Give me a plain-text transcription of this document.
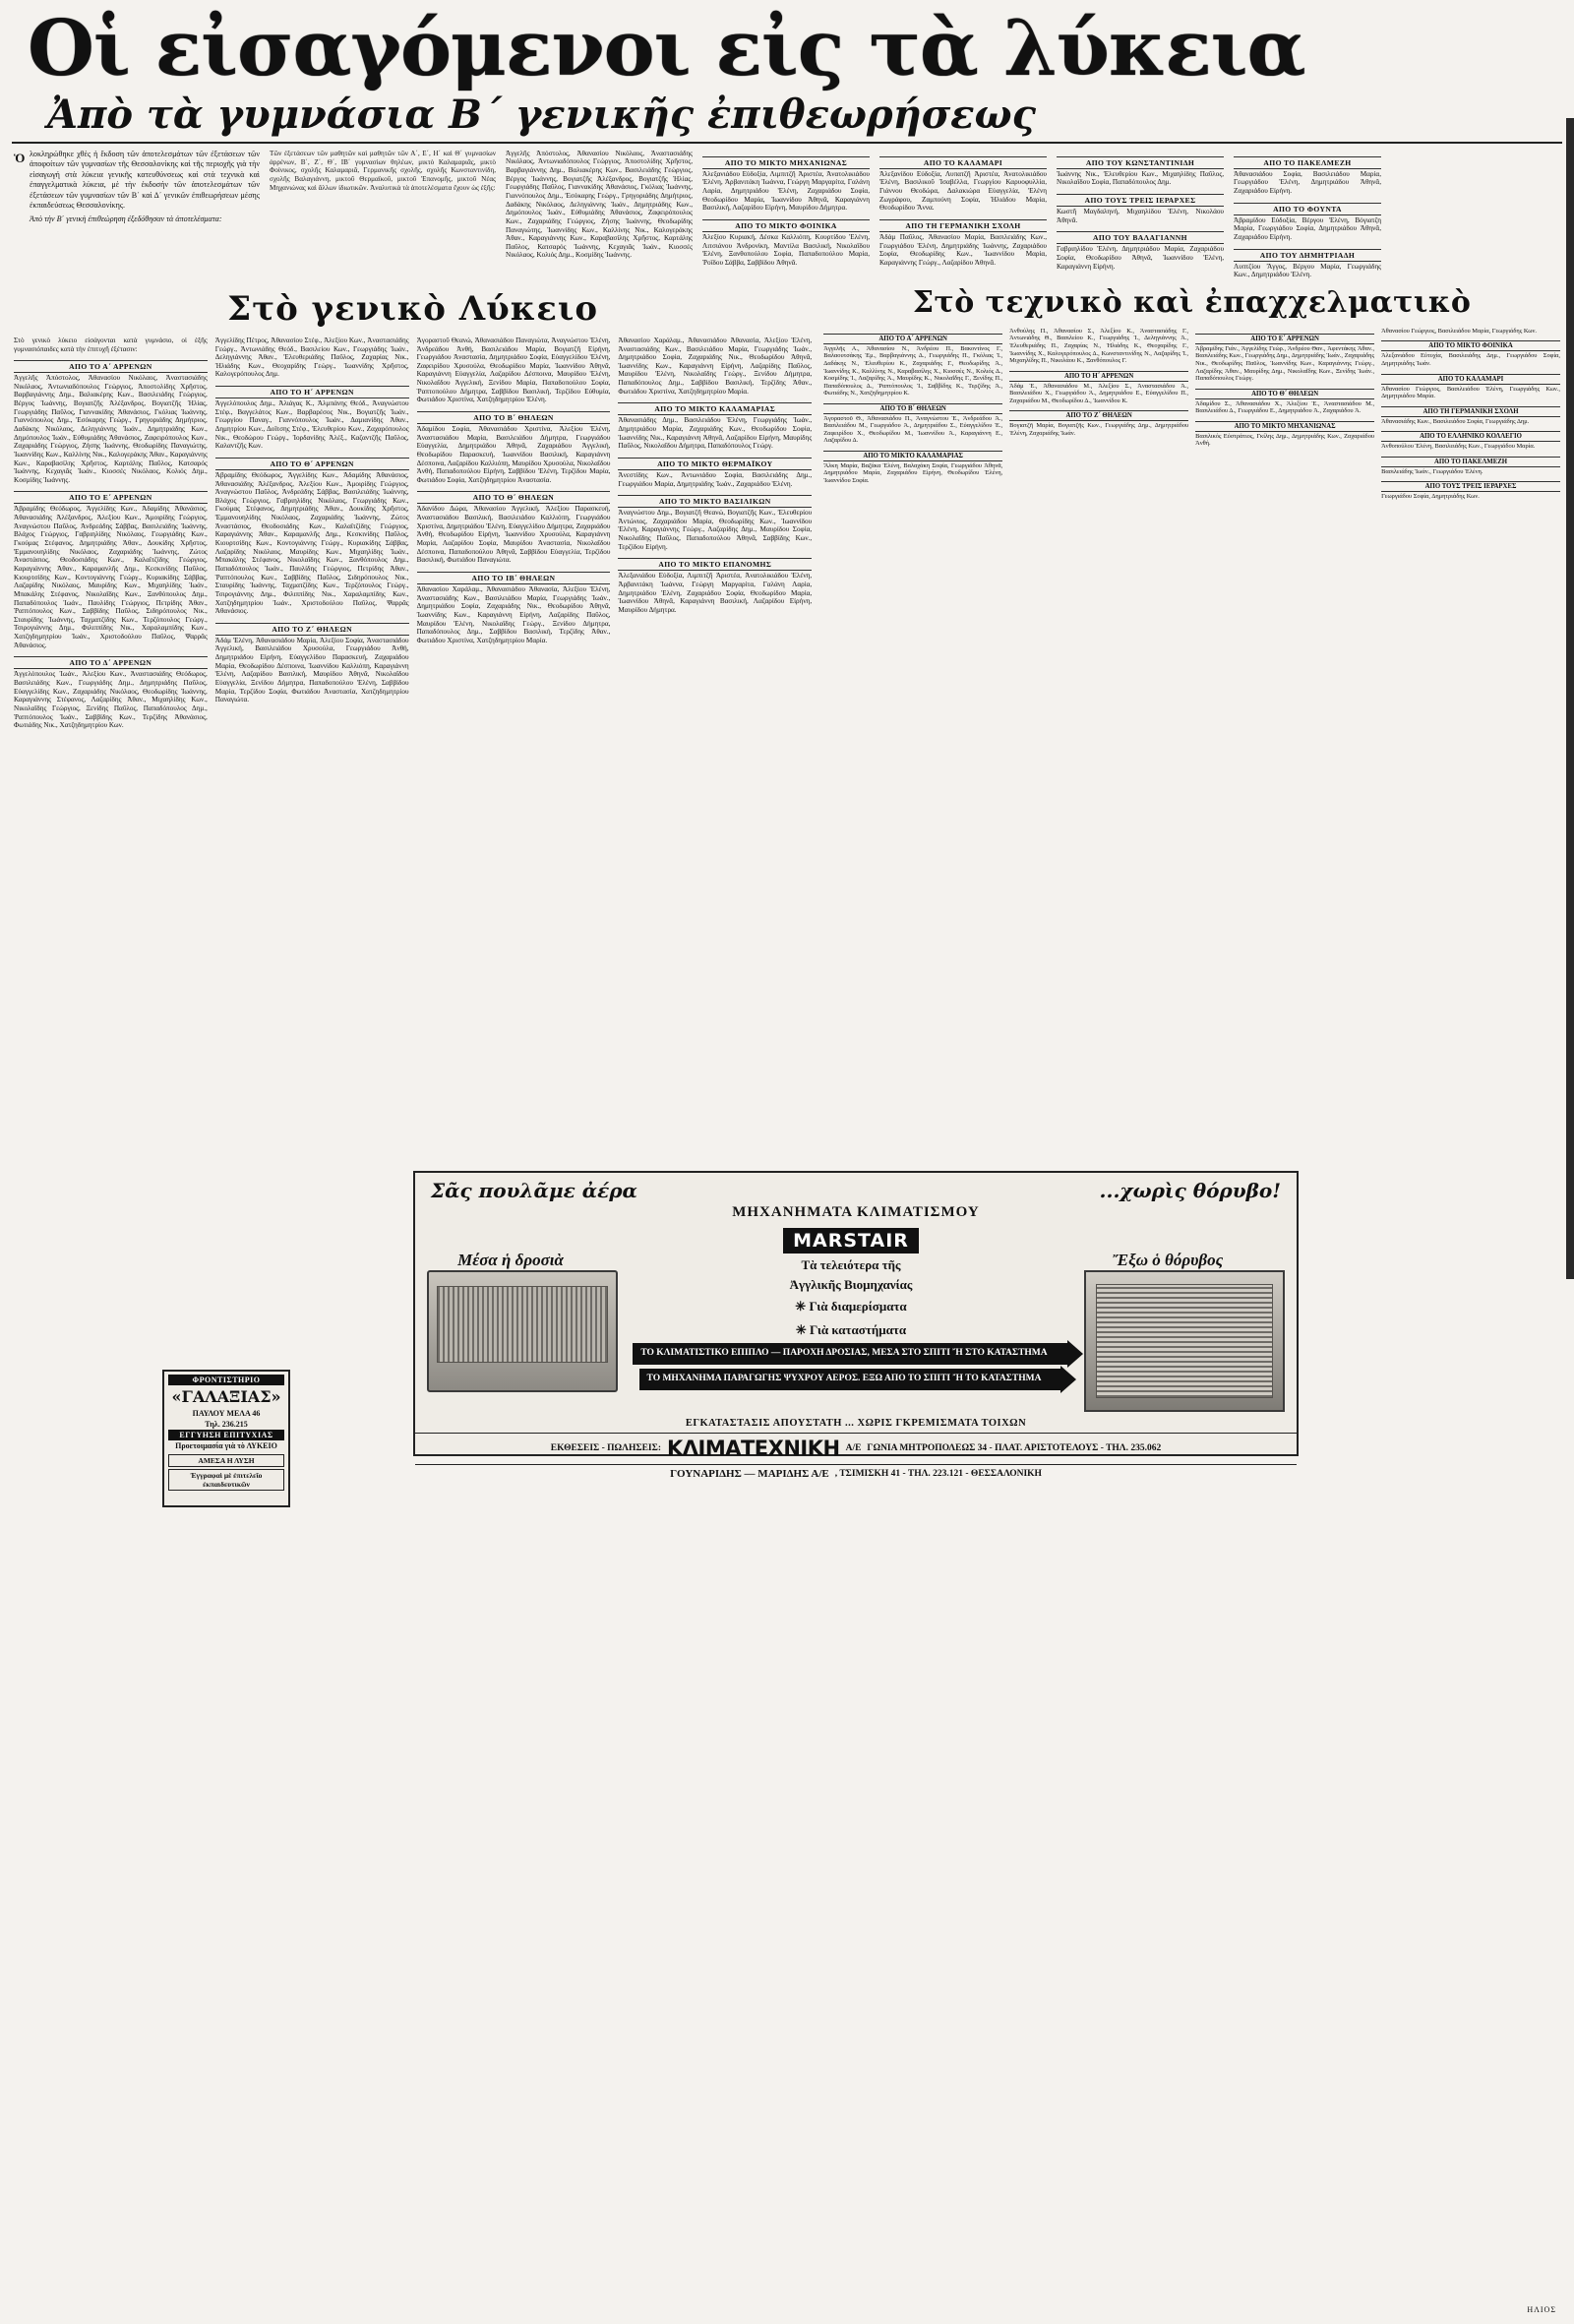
Οἱ εἰσαγόμενοι εἰς τὰ λύκεια
Ἀπὸ τὰ γυμνάσια Β΄ γενικῆς ἐπιθεωρήσεως
Ὁ λοκληρώθηκε χθὲς ἡ ἔκδοση τῶν ἀποτελεσμάτων τῶν ἐξετάσεων τῶν ἀποφοίτων τῶν γυμνασίων τῆς Θεσσαλονίκης καὶ τῆς περιοχῆς γιὰ τὴν εἰσαγωγή στὰ λύκεια γενικῆς κατευθύνσεως καὶ στὰ τεχνικὰ καὶ ἐπαγγελματικὰ λύκεια, μὲ τὴν ἐκδοσήν τῶν ἀποτελεσμάτων τῶν ἐξετάσεων τῶν γυμνασίων τῶν Β΄ καὶ Δ΄ γενικῶν ἐπιθεωρήσεων μέσης ἐκπαιδεύσεως Θεσσαλονίκης.
Ἀπὸ τὴν Β΄ γενικὴ ἐπιθεώρηση ἐξεδόθησαν τὰ ἀποτελέσματα:
Τῶν ἐξετάσεων τῶν μαθητῶν καὶ μαθητῶν τῶν Α΄, Ε΄, Η΄ καὶ Θ΄ γυμνασίων ἀρρένων, Β΄, Ζ΄, Θ΄, ΙΒ΄ γυμνασίων θηλέων, μικτὸ Καλαμαριᾶς, μικτὸ Φοίνικος, σχολῆς Καλαμαριᾶ, Γερμανικῆς σχολῆς, σχολῆς Κωνσταντινίδη, σχολῆς Βαλαγιάννη, μικτοῦ Θερμαϊκοῦ, μικτοῦ Ἐπανομῆς, μικτοῦ Νέας Μηχανιώνας καὶ ἄλλων ἰδιωτικῶν. Ἀναλυτικὰ τὰ ἀποτελέσματα ἔχουν ὡς ἑξῆς:
Ἀγγελῆς Ἀπόστολος, Ἀθανασίου Νικόλαος, Ἀναστασιάδης Νικόλαος, Ἀντωνιαδόπουλος Γεώργιος, Ἀποστολίδης Χρῆστος, Βαρβαγιάννης Δημ., Βαλιακέρης Κων., Βασιλειάδης Γεώργιος, Βέργος Ἰωάννης, Βογιατζῆς Ἀλέξανδρος, Βογιατζῆς Ἠλίας, Γεωργιάδης Παῦλος, Γιαννακίδης Ἀθανάσιος, Γκόλιας Ἰωάννης, Γιαννόπουλος Δημ., Ἐσόκαρης Γεώργ., Γρηγοριάδης Δημήτριος, Δαδάκης Νικόλαος, Δεληγιάννης Ἰωάν., Δημητριάδης Κων., Δημόπουλος Ἰωάν., Εὐθυμιάδης Ἀθανάσιος, Ζαφειρόπουλος Κων., Ζαχαριάδης Γεώργιος, Ζήσης Ἰωάννης, Θεοδωρίδης Παναγιώτης, Ἰωαννίδης Κων., Καλλίνης Νικ., Καλογεράκης Ἀθαν., Καραγιάννης Κων., Καραβασίλης Χρῆστος, Καρτάλης Παῦλος, Κατσαρός Ἰωάννης, Κεχαγιᾶς Ἰωάν., Κιοσσές Νικόλαος, Κολιός Δημ., Κοσμίδης Ἰωάννης.
ΑΠΟ ΤΟ ΜΙΚΤΟ ΜΗΧΑΝΙΩΝΑΣ
Ἀλεξανιάδου Εὐδοξία, Λιμπιτζῆ Ἀριστέα, Ἀνατολικιάδου Ἑλένη, Ἀρβανιτάκη Ἰωάννα, Γεώργη Μαργαρίτα, Γαλάνη Λαρία, Δημητριάδου Ἑλένη, Ζαχαριάδου Σοφία, Θεοδωρίδου Μαρία, Ἰωαννίδου Ἀθηνᾶ, Καραγιάννη Βασιλική, Λαζαρίδου Εἰρήνη, Μαυρίδου Δήμητρα.
ΑΠΟ ΤΟ ΜΙΚΤΟ ΦΟΙΝΙΚΑ
Ἀλεξίου Κυριακή, Δέσκα Καλλιόπη, Κουρτίδου Ἑλένη, Λιτσιάνου Ἀνδρονίκη, Μαντίλα Βασιλική, Νικολαΐδου Ἑλένη, Ξανθοπούλου Σοφία, Παπαδοπούλου Μαρία, Ῥοΐδου Σάββα, Σαββίδου Ἀθηνᾶ.
ΑΠΟ ΤΟ ΚΑΛΑΜΑΡΙ
Ἀλεξανίδου Εὐδοξία, Λυπατζῆ Ἀριστέα, Ἀνατολικιάδου Ἑλένη, Βασιλικοῦ Ἰσαβέλλα, Γεωργίου Καρυοφυλλία, Γιάννου Θεοδώρα, Δαλακιώρα Εὐαγγελία, Ἑλένη Ζωγράφου, Ζαμπούνη Σοφία, Ἠλιάδου Μαρία, Θεοδωρίδου Ἄννα.
ΑΠΟ ΤΗ ΓΕΡΜΑΝΙΚΗ ΣΧΟΛΗ
Ἀδάμ Παῦλος, Ἀθανασίου Μαρία, Βασιλειάδης Κων., Γεωργιάδου Ἑλένη, Δημητριάδης Ἰωάννης, Ζαχαριάδου Σοφία, Θεοδωρίδης Κων., Ἰωαννίδου Μαρία, Καραγιάννης Γεώργ., Λαζαρίδου Ἀθηνᾶ.
ΑΠΟ ΤΟΥ ΚΩΝΣΤΑΝΤΙΝΙΔΗ
Ἰωάννης Νικ., Ἐλευθερίου Κων., Μιχαηλίδης Παῦλος, Νικολαΐδου Σοφία, Παπαδόπουλος Δημ.
ΑΠΟ ΤΟΥΣ ΤΡΕΙΣ ΙΕΡΑΡΧΕΣ
Κωστῆ Μαγδαληνή, Μιχαηλίδου Ἑλένη, Νικολάου Ἀθηνᾶ.
ΑΠΟ ΤΟΥ ΒΑΛΑΓΙΑΝΝΗ
Γαβριηλίδου Ἑλένη, Δημητριάδου Μαρία, Ζαχαριάδου Σοφία, Θεοδωρίδου Ἀθηνᾶ, Ἰωαννίδου Ἑλένη, Καραγιάννη Εἰρήνη.
ΑΠΟ ΤΟ ΠΑΚΕΛΜΕΖΗ
Ἀθανασιάδου Σοφία, Βασιλειάδου Μαρία, Γεωργιάδου Ἑλένη, Δημητριάδου Ἀθηνᾶ, Ζαχαριάδου Εἰρήνη.
ΑΠΟ ΤΟ ΦΟΥΝΤΑ
Ἀβραμίδου Εὐδοξία, Βέργου Ἑλένη, Βόγιατζη Μαρία, Γεωργιάδου Σοφία, Δημητριάδου Ἀθηνᾶ, Ζαχαριάδου Εἰρήνη.
ΑΠΟ ΤΟΥ ΔΗΜΗΤΡΙΑΔΗ
Λυπτζίου Ἄγγος, Βέργου Μαρία, Γεωργιάδης Κων., Δημητριάδου Ἑλένη.
Στὸ γενικὸ Λύκειο
Στὸ γενικὸ λύκειο εἰσάγονται κατὰ γυμνάσιο, οἱ ἑξῆς γυμνασιόπαιδες κατὰ τὴν ἐπιτυχῆ ἐξέτασιν:
ΑΠΟ ΤΟ Α΄ ΑΡΡΕΝΩΝ
Ἀγγελῆς Ἀπόστολος, Ἀθανασίου Νικόλαος, Ἀναστασιάδης Νικόλαος, Ἀντωνιαδόπουλος Γεώργιος, Ἀποστολίδης Χρῆστος, Βαρβαγιάννης Δημ., Βαλιακέρης Κων., Βασιλειάδης Γεώργιος, Βέργος Ἰωάννης, Βογιατζῆς Ἀλέξανδρος, Βογιατζῆς Ἠλίας, Γεωργιάδης Παῦλος, Γιαννακίδης Ἀθανάσιος, Γκόλιας Ἰωάννης, Γιαννόπουλος Δημ., Ἐσόκαρης Γεώργ., Γρηγοριάδης Δημήτριος, Δαδάκης Νικόλαος, Δεληγιάννης Ἰωάν., Δημητριάδης Κων., Δημόπουλος Ἰωάν., Εὐθυμιάδης Ἀθανάσιος, Ζαφειρόπουλος Κων., Ζαχαριάδης Γεώργιος, Ζήσης Ἰωάννης, Θεοδωρίδης Παναγιώτης, Ἰωαννίδης Κων., Καλλίνης Νικ., Καλογεράκης Ἀθαν., Καραγιάννης Κων., Καραβασίλης Χρῆστος, Καρτάλης Παῦλος, Κατσαρός Ἰωάννης, Κεχαγιᾶς Ἰωάν., Κιοσσές Νικόλαος, Κολιός Δημ., Κοσμίδης Ἰωάννης.
ΑΠΟ ΤΟ Ε΄ ΑΡΡΕΝΩΝ
Ἀβραμίδης Θεόδωρος, Ἀγγελίδης Κων., Ἀδαμίδης Ἀθανάσιος, Ἀθανασιάδης Ἀλέξανδρος, Ἀλεξίου Κων., Ἀμοιρίδης Γεώργιος, Ἀναγνώστου Παῦλος, Ἀνδρεάδης Σάββας, Βασιλειάδης Ἰωάννης, Βλάχος Γεώργιος, Γαβριηλίδης Νικόλαος, Γεωργιάδης Κων., Γκούμας Στέφανος, Δημητριάδης Ἀθαν., Δουκίδης Χρῆστος, Ἐμμανουηλίδης Νικόλαος, Ζαχαριάδης Ἰωάννης, Ζώτος Ἀναστάσιος, Θεοδοσιάδης Κων., Καλαϊτζίδης Γεώργιος, Καραγιάννης Ἀθαν., Καραμανλῆς Δημ., Κεσκινίδης Παῦλος, Κιουρτσίδης Κων., Κοντογιάννης Γεώργ., Κυριακίδης Σάββας, Λαζαρίδης Νικόλαος, Μαυρίδης Κων., Μιχαηλίδης Ἰωάν., Μπακάλης Στέφανος, Νικολαΐδης Κων., Ξανθόπουλος Δημ., Παπαδόπουλος Ἰωάν., Παυλίδης Γεώργιος, Πετρίδης Ἀθαν., Ῥαπτόπουλος Κων., Σαββίδης Παῦλος, Σιδηρόπουλος Νικ., Σταυρίδης Ἰωάννης, Ταχματζίδης Κων., Τερζόπουλος Γεώργ., Τσιρογιάννης Δημ., Φιλιππίδης Νικ., Χαραλαμπίδης Κων., Χατζηδημητρίου Ἰωάν., Χριστοδούλου Παῦλος, Ψαρρᾶς Ἀθανάσιος.
ΑΠΟ ΤΟ Δ΄ ΑΡΡΕΝΩΝ
Ἀγγελόπουλος Ἰωάν., Ἀλεξίου Κων., Ἀναστασιάδης Θεόδωρος, Βασιλειάδης Κων., Γεωργιάδης Δημ., Δημητριάδης Παῦλος, Εὐαγγελίδης Κων., Ζαχαριάδης Νικόλαος, Θεοδωρίδης Ἰωάννης, Καραγιάννης Στέφανος, Λαζαρίδης Ἀθαν., Μιχαηλίδης Κων., Νικολαΐδης Γεώργιος, Ξενίδης Παῦλος, Παπαδόπουλος Δημ., Ῥαπτόπουλος Ἰωάν., Σαββίδης Κων., Τερζίδης Ἀθανάσιος, Φωτιάδης Νικ., Χατζηδημητρίου Κων.
Ἀγγελίδης Πέτρος, Ἀθανασίου Στέφ., Ἀλεξίου Κων., Ἀναστασιάδης Γεώργ., Ἀντωνιάδης Θεόδ., Βασιλείου Κων., Γεωργιάδης Ἰωάν., Δεληγιάννης Ἀθαν., Ἐλευθεριάδης Παῦλος, Ζαχαρίας Νικ., Ἠλιάδης Κων., Θεοχαρίδης Γεώργ., Ἰωαννίδης Χρῆστος, Καλογερόπουλος Δημ.
ΑΠΟ ΤΟ Η΄ ΑΡΡΕΝΩΝ
Ἀγγελόπουλος Δημ., Ἀλιάγας Κ., Ἀλμπάνης Θεόδ., Ἀναγνώστου Στέφ., Βαγγελάτος Κων., Βαρβαρέσος Νικ., Βογιατζῆς Ἰωάν., Γεωργίου Παναγ., Γιαννόπουλος Ἰωάν., Δαμιανίδης Ἀθαν., Δημητρίου Κων., Δοΐτσης Στέφ., Ἐλευθερίου Κων., Ζαχαρόπουλος Νικ., Θεοδώρου Γεώργ., Ἰορδανίδης Ἀλέξ., Καζαντζῆς Παῦλος, Καλαντζῆς Κων.
ΑΠΟ ΤΟ Θ΄ ΑΡΡΕΝΩΝ
Ἀβραμίδης Θεόδωρος, Ἀγγελίδης Κων., Ἀδαμίδης Ἀθανάσιος, Ἀθανασιάδης Ἀλέξανδρος, Ἀλεξίου Κων., Ἀμοιρίδης Γεώργιος, Ἀναγνώστου Παῦλος, Ἀνδρεάδης Σάββας, Βασιλειάδης Ἰωάννης, Βλάχος Γεώργιος, Γαβριηλίδης Νικόλαος, Γεωργιάδης Κων., Γκούμας Στέφανος, Δημητριάδης Ἀθαν., Δουκίδης Χρῆστος, Ἐμμανουηλίδης Νικόλαος, Ζαχαριάδης Ἰωάννης, Ζώτος Ἀναστάσιος, Θεοδοσιάδης Κων., Καλαϊτζίδης Γεώργιος, Καραγιάννης Ἀθαν., Καραμανλῆς Δημ., Κεσκινίδης Παῦλος, Κιουρτσίδης Κων., Κοντογιάννης Γεώργ., Κυριακίδης Σάββας, Λαζαρίδης Νικόλαος, Μαυρίδης Κων., Μιχαηλίδης Ἰωάν., Μπακάλης Στέφανος, Νικολαΐδης Κων., Ξανθόπουλος Δημ., Παπαδόπουλος Ἰωάν., Παυλίδης Γεώργιος, Πετρίδης Ἀθαν., Ῥαπτόπουλος Κων., Σαββίδης Παῦλος, Σιδηρόπουλος Νικ., Σταυρίδης Ἰωάννης, Ταχματζίδης Κων., Τερζόπουλος Γεώργ., Τσιρογιάννης Δημ., Φιλιππίδης Νικ., Χαραλαμπίδης Κων., Χατζηδημητρίου Ἰωάν., Χριστοδούλου Παῦλος, Ψαρρᾶς Ἀθανάσιος.
ΑΠΟ ΤΟ Ζ΄ ΘΗΛΕΩΝ
Ἀδάμ Ἑλένη, Ἀθανασιάδου Μαρία, Ἀλεξίου Σοφία, Ἀναστασιάδου Ἀγγελική, Βασιλειάδου Χρυσούλα, Γεωργιάδου Ἀνθή, Δημητριάδου Εἰρήνη, Εὐαγγελίδου Παρασκευή, Ζαχαριάδου Μαρία, Θεοδωρίδου Δέσποινα, Ἰωαννίδου Καλλιόπη, Καραγιάννη Ἑλένη, Λαζαρίδου Βασιλική, Μαυρίδου Ἀθηνᾶ, Νικολαΐδου Εὐαγγελία, Ξενίδου Δήμητρα, Παπαδοπούλου Ἑλένη, Σαββίδου Μαρία, Τερζίδου Σοφία, Φωτιάδου Ἀναστασία, Χατζηδημητρίου Παναγιώτα.
Ἀγοραστοῦ Θεανώ, Ἀθανασιάδου Παναγιώτα, Ἀναγνώστου Ἑλένη, Ἀνδρεάδου Ἀνθή, Βασιλειάδου Μαρία, Βογιατζῆ Εἰρήνη, Γεωργιάδου Ἀναστασία, Δημητριάδου Σοφία, Εὐαγγελίδου Ἑλένη, Ζαφειρίδου Χρυσούλα, Θεοδωρίδου Μαρία, Ἰωαννίδου Ἀθηνᾶ, Καραγιάννη Εὐαγγελία, Λαζαρίδου Δέσποινα, Μαυρίδου Ἑλένη, Νικολαΐδου Ἀγγελική, Ξενίδου Μαρία, Παπαδοπούλου Σοφία, Ῥαπτοπούλου Δήμητρα, Σαββίδου Βασιλική, Τερζίδου Εὐθυμία, Φωτιάδου Χριστίνα, Χατζηδημητρίου Ἑλένη.
ΑΠΟ ΤΟ Β΄ ΘΗΛΕΩΝ
Ἀδαμίδου Σοφία, Ἀθανασιάδου Χριστίνα, Ἀλεξίου Ἑλένη, Ἀναστασιάδου Μαρία, Βασιλειάδου Δήμητρα, Γεωργιάδου Εὐαγγελία, Δημητριάδου Ἀθηνᾶ, Ζαχαριάδου Ἀγγελική, Θεοδωρίδου Παρασκευή, Ἰωαννίδου Βασιλική, Καραγιάννη Δέσποινα, Λαζαρίδου Καλλιόπη, Μαυρίδου Χρυσούλα, Νικολαΐδου Ἀνθή, Παπαδοπούλου Εἰρήνη, Σαββίδου Ἑλένη, Τερζίδου Μαρία, Φωτιάδου Σοφία, Χατζηδημητρίου Ἀναστασία.
ΑΠΟ ΤΟ Θ΄ ΘΗΛΕΩΝ
Ἀδανίδου Δώρα, Ἀθανασίου Ἀγγελική, Ἀλεξίου Παρασκευή, Ἀναστασιάδου Βασιλική, Βασιλειάδου Καλλιόπη, Γεωργιάδου Χριστίνα, Δημητριάδου Ἑλένη, Εὐαγγελίδου Δήμητρα, Ζαχαριάδου Ἀνθή, Θεοδωρίδου Εἰρήνη, Ἰωαννίδου Χρυσούλα, Καραγιάννη Μαρία, Λαζαρίδου Σοφία, Μαυρίδου Ἀναστασία, Νικολαΐδου Δέσποινα, Παπαδοπούλου Ἀθηνᾶ, Σαββίδου Εὐαγγελία, Τερζίδου Βασιλική, Φωτιάδου Παναγιώτα.
ΑΠΟ ΤΟ ΙΒ΄ ΘΗΛΕΩΝ
Ἀθανασίου Χαράλαμ., Ἀθανασιάδου Ἀθανασία, Ἀλεξίου Ἑλένη, Ἀναστασιάδης Κων., Βασιλειάδου Μαρία, Γεωργιάδης Ἰωάν., Δημητριάδου Σοφία, Ζαχαριάδης Νικ., Θεοδωρίδου Ἀθηνᾶ, Ἰωαννίδης Κων., Καραγιάννη Εἰρήνη, Λαζαρίδης Παῦλος, Μαυρίδου Ἑλένη, Νικολαΐδης Γεώργ., Ξενίδου Δήμητρα, Παπαδόπουλος Δημ., Σαββίδου Βασιλική, Τερζίδης Ἀθαν., Φωτιάδου Χριστίνα, Χατζηδημητρίου Μαρία.
Ἀθανασίου Χαράλαμ., Ἀθανασιάδου Ἀθανασία, Ἀλεξίου Ἑλένη, Ἀναστασιάδης Κων., Βασιλειάδου Μαρία, Γεωργιάδης Ἰωάν., Δημητριάδου Σοφία, Ζαχαριάδης Νικ., Θεοδωρίδου Ἀθηνᾶ, Ἰωαννίδης Κων., Καραγιάννη Εἰρήνη, Λαζαρίδης Παῦλος, Μαυρίδου Ἑλένη, Νικολαΐδης Γεώργ., Ξενίδου Δήμητρα, Παπαδόπουλος Δημ., Σαββίδου Βασιλική, Τερζίδης Ἀθαν., Φωτιάδου Χριστίνα, Χατζηδημητρίου Μαρία.
ΑΠΟ ΤΟ ΜΙΚΤΟ ΚΑΛΑΜΑΡΙΑΣ
Ἀθανασιάδης Δημ., Βασιλειάδου Ἑλένη, Γεωργιάδης Ἰωάν., Δημητριάδου Μαρία, Ζαχαριάδης Κων., Θεοδωρίδου Σοφία, Ἰωαννίδης Νικ., Καραγιάννη Ἀθηνᾶ, Λαζαρίδου Εἰρήνη, Μαυρίδης Παῦλος, Νικολαΐδου Δήμητρα, Παπαδόπουλος Γεώργ.
ΑΠΟ ΤΟ ΜΙΚΤΟ ΘΕΡΜΑΪΚΟΥ
Ἀνεστίδης Κων., Ἀντωνιάδου Σοφία, Βασιλειάδης Δημ., Γεωργιάδου Μαρία, Δημητριάδης Ἰωάν., Ζαχαριάδου Ἑλένη.
ΑΠΟ ΤΟ ΜΙΚΤΟ ΒΑΣΙΛΙΚΩΝ
Ἀναγνώστου Δημ., Βογιατζῆ Θεανώ, Βογιατζῆς Κων., Ἐλευθερίου Ἀντώνιος, Ζαχαριάδου Μαρία, Θεοδωρίδης Κων., Ἰωαννίδου Ἑλένη, Καραγιάννης Γεώργ., Λαζαρίδης Δημ., Μαυρίδου Σοφία, Νικολαΐδης Παῦλος, Παπαδοπούλου Ἀθηνᾶ, Σαββίδης Κων., Τερζίδου Εἰρήνη.
ΑΠΟ ΤΟ ΜΙΚΤΟ ΕΠΑΝΟΜΗΣ
Ἀλεξανιάδου Εὐδοξία, Λιμπιτζῆ Ἀριστέα, Ἀνατολικιάδου Ἑλένη, Ἀρβανιτάκη Ἰωάννα, Γεώργη Μαργαρίτα, Γαλάνη Λαρία, Δημητριάδου Ἑλένη, Ζαχαριάδου Σοφία, Θεοδωρίδου Μαρία, Ἰωαννίδου Ἀθηνᾶ, Καραγιάννη Βασιλική, Λαζαρίδου Εἰρήνη, Μαυρίδου Δήμητρα.
Στὸ τεχνικὸ καὶ ἐπαχχελματικὸ
ΑΠΟ ΤΟ Α΄ ΑΡΡΕΝΩΝ
Ἀγγελῆς Α., Ἀθανασίου Ν., Ἀνδρέου Π., Βακοντίνος Γ., Βαλαουτσάκης Ἐμ., Βαρβαγιάννης Δ., Γεωργιάδης Π., Γκόλιας Ἰ., Δαδάκης Ν., Ἐλευθερίου Κ., Ζαχαριάδης Γ., Θεοδωρίδης Ἀ., Ἰωαννίδης Κ., Καλλίνης Ν., Καραβασίλης Χ., Κιοσσές Ν., Κολιός Δ., Κοσμίδης Ἰ., Λαζαρίδης Ἀ., Μαυρίδης Κ., Νικολαΐδης Γ., Ξενίδης Π., Παπαδόπουλος Δ., Ῥαπτόπουλος Ἰ., Σαββίδης Κ., Τερζίδης Ἀ., Φωτιάδης Ν., Χατζηδημητρίου Κ.
ΑΠΟ ΤΟ Β΄ ΘΗΛΕΩΝ
Ἀγοραστοῦ Θ., Ἀθανασιάδου Π., Ἀναγνώστου Ἑ., Ἀνδρεάδου Ἀ., Βασιλειάδου Μ., Γεωργιάδου Ἀ., Δημητριάδου Σ., Εὐαγγελίδου Ἑ., Ζαφειρίδου Χ., Θεοδωρίδου Μ., Ἰωαννίδου Ἀ., Καραγιάννη Ε., Λαζαρίδου Δ.
ΑΠΟ ΤΟ ΜΙΚΤΟ ΚΑΛΑΜΑΡΙΑΣ
Ἄλκη Μαρία, Βαζάκα Ἑλένη, Βαλαχάκη Σοφία, Γεωργιάδου Ἀθηνᾶ, Δημητριάδου Μαρία, Ζαχαριάδου Εἰρήνη, Θεοδωρίδου Ἑλένη, Ἰωαννίδου Σοφία.
Ἀνθούλης Π., Ἀθανασίου Σ., Ἀλεξίου Κ., Ἀναστασιάδης Γ., Ἀντωνιάδης Θ., Βασιλείου Κ., Γεωργιάδης Ἰ., Δεληγιάννης Ἀ., Ἐλευθεριάδης Π., Ζαχαρίας Ν., Ἠλιάδης Κ., Θεοχαρίδης Γ., Ἰωαννίδης Χ., Καλογερόπουλος Δ., Κωνσταντινίδης Ν., Λαζαρίδης Ἰ., Μιχαηλίδης Π., Νικολάου Κ., Ξανθόπουλος Γ.
ΑΠΟ ΤΟ Η΄ ΑΡΡΕΝΩΝ
Ἀδάμ Ἑ., Ἀθανασιάδου Μ., Ἀλεξίου Σ., Ἀναστασιάδου Ἀ., Βασιλειάδου Χ., Γεωργιάδου Ἀ., Δημητριάδου Ε., Εὐαγγελίδου Π., Ζαχαριάδου Μ., Θεοδωρίδου Δ., Ἰωαννίδου Κ.
ΑΠΟ ΤΟ Ζ΄ ΘΗΛΕΩΝ
Βογιατζῆ Μαρία, Βογιατζῆς Κων., Γεωργιάδης Δημ., Δημητριάδου Ἑλένη, Ζαχαριάδης Ἰωάν.
ΑΠΟ ΤΟ Ε΄ ΑΡΡΕΝΩΝ
Ἀβραμίδης Γιάν., Ἀγγελίδης Γεώρ., Ἀνδρέου Θαν., Ἀφεντάκης Ἀθαν., Βασιλειάδης Κων., Γεωργιάδης Δημ., Δημητριάδης Ἰωάν., Ζαχαριάδης Νικ., Θεοδωρίδης Παῦλος, Ἰωαννίδης Κων., Καραγιάννης Γεώργ., Λαζαρίδης Ἀθαν., Μαυρίδης Δημ., Νικολαΐδης Κων., Ξενίδης Ἰωάν., Παπαδόπουλος Γεώργ.
ΑΠΟ ΤΟ Θ΄ ΘΗΛΕΩΝ
Ἀδαμίδου Σ., Ἀθανασιάδου Χ., Ἀλεξίου Ἑ., Ἀναστασιάδου Μ., Βασιλειάδου Δ., Γεωργιάδου Ε., Δημητριάδου Ἀ., Ζαχαριάδου Ἀ.
ΑΠΟ ΤΟ ΜΙΚΤΟ ΜΗΧΑΝΙΩΝΑΣ
Βασιλικός Εὐστράτιος, Γκίλης Δημ., Δημητριάδης Κων., Ζαχαριάδου Ἀνθή.
Ἀθανασίου Γεώργιος, Βασιλειάδου Μαρία, Γεωργιάδης Κων.
ΑΠΟ ΤΟ ΜΙΚΤΟ ΦΟΙΝΙΚΑ
Ἀλεξανιάδου Εὐτυχία, Βασιλειάδης Δημ., Γεωργιάδου Σοφία, Δημητριάδης Ἰωάν.
ΑΠΟ ΤΟ ΚΑΛΑΜΑΡΙ
Ἀθανασίου Γεώργιος, Βασιλειάδου Ἑλένη, Γεωργιάδης Κων., Δημητριάδου Μαρία.
ΑΠΟ ΤΗ ΓΕΡΜΑΝΙΚΗ ΣΧΟΛΗ
Ἀθανασιάδης Κων., Βασιλειάδου Σοφία, Γεωργιάδης Δημ.
ΑΠΟ ΤΟ ΕΛΛΗΝΙΚΟ ΚΟΛΛΕΓΙΟ
Ἀνθοπούλου Ἑλένη, Βασιλειάδης Κων., Γεωργιάδου Μαρία.
ΑΠΟ ΤΟ ΠΑΚΕΛΜΕΖΗ
Βασιλειάδης Ἰωάν., Γεωργιάδου Ἑλένη.
ΑΠΟ ΤΟΥΣ ΤΡΕΙΣ ΙΕΡΑΡΧΕΣ
Γεωργιάδου Σοφία, Δημητριάδης Κων.
ΦΡΟΝΤΙΣΤΗΡΙΟ
«ΓΑΛΑΞΙΑΣ»
ΠΑΥΛΟΥ ΜΕΛΑ 46
Τηλ. 236.215
ΕΓΓΥΗΣΗ ΕΠΙΤΥΧΙΑΣ
Προετοιμασία γιὰ τὸ ΛΥΚΕΙΟ
ΑΜΕΣΑ Η ΛΥΣΗ
Ἐγγραφαὶ μὲ ἐπιτελεῖο ἐκπαιδευτικῶν
Σᾶς πουλᾶμε ἀέρα	...χωρὶς θόρυβο!
ΜΗΧΑΝΗΜΑΤΑ ΚΛΙΜΑΤΙΣΜΟΥ
Μέσα ἡ δροσιὰ
MARSTAIR
Τὰ τελειότερα τῆς
Ἀγγλικῆς Βιομηχανίας
✳ Γιὰ διαμερίσματα
✳ Γιὰ καταστήματα
ΤΟ ΚΛΙΜΑΤΙΣΤΙΚΟ ΕΠΙΠΛΟ — ΠΑΡΟΧΗ ΔΡΟΣΙΑΣ, ΜΕΣΑ ΣΤΟ ΣΠΙΤΙ Ἤ ΣΤΟ ΚΑΤΑΣΤΗΜΑ
ΤΟ ΜΗΧΑΝΗΜΑ ΠΑΡΑΓΩΓΗΣ ΨΥΧΡΟΥ ΑΕΡΟΣ. ΕΞΩ ΑΠΟ ΤΟ ΣΠΙΤΙ Ἤ ΤΟ ΚΑΤΑΣΤΗΜΑ
Ἔξω ὁ θόρυβος
ΕΓΚΑΤΑΣΤΑΣΙΣ ΑΠΟΥΣΤΑΤΗ ... ΧΩΡΙΣ ΓΚΡΕΜΙΣΜΑΤΑ ΤΟΙΧΩΝ
ΕΚΘΕΣΕΙΣ - ΠΩΛΗΣΕΙΣ: ΚΛΙΜΑΤΕΧΝΙΚΗ Α/Ε ΓΩΝΙΑ ΜΗΤΡΟΠΟΛΕΩΣ 34 - ΠΛΑΤ. ΑΡΙΣΤΟΤΕΛΟΥΣ - ΤΗΛ. 235.062
ΓΟΥΝΑΡΙΔΗΣ — ΜΑΡΙΔΗΣ Α/Ε , ΤΣΙΜΙΣΚΗ 41 - ΤΗΛ. 223.121 - ΘΕΣΣΑΛΟΝΙΚΗ
ΗΛΙΟΣ
